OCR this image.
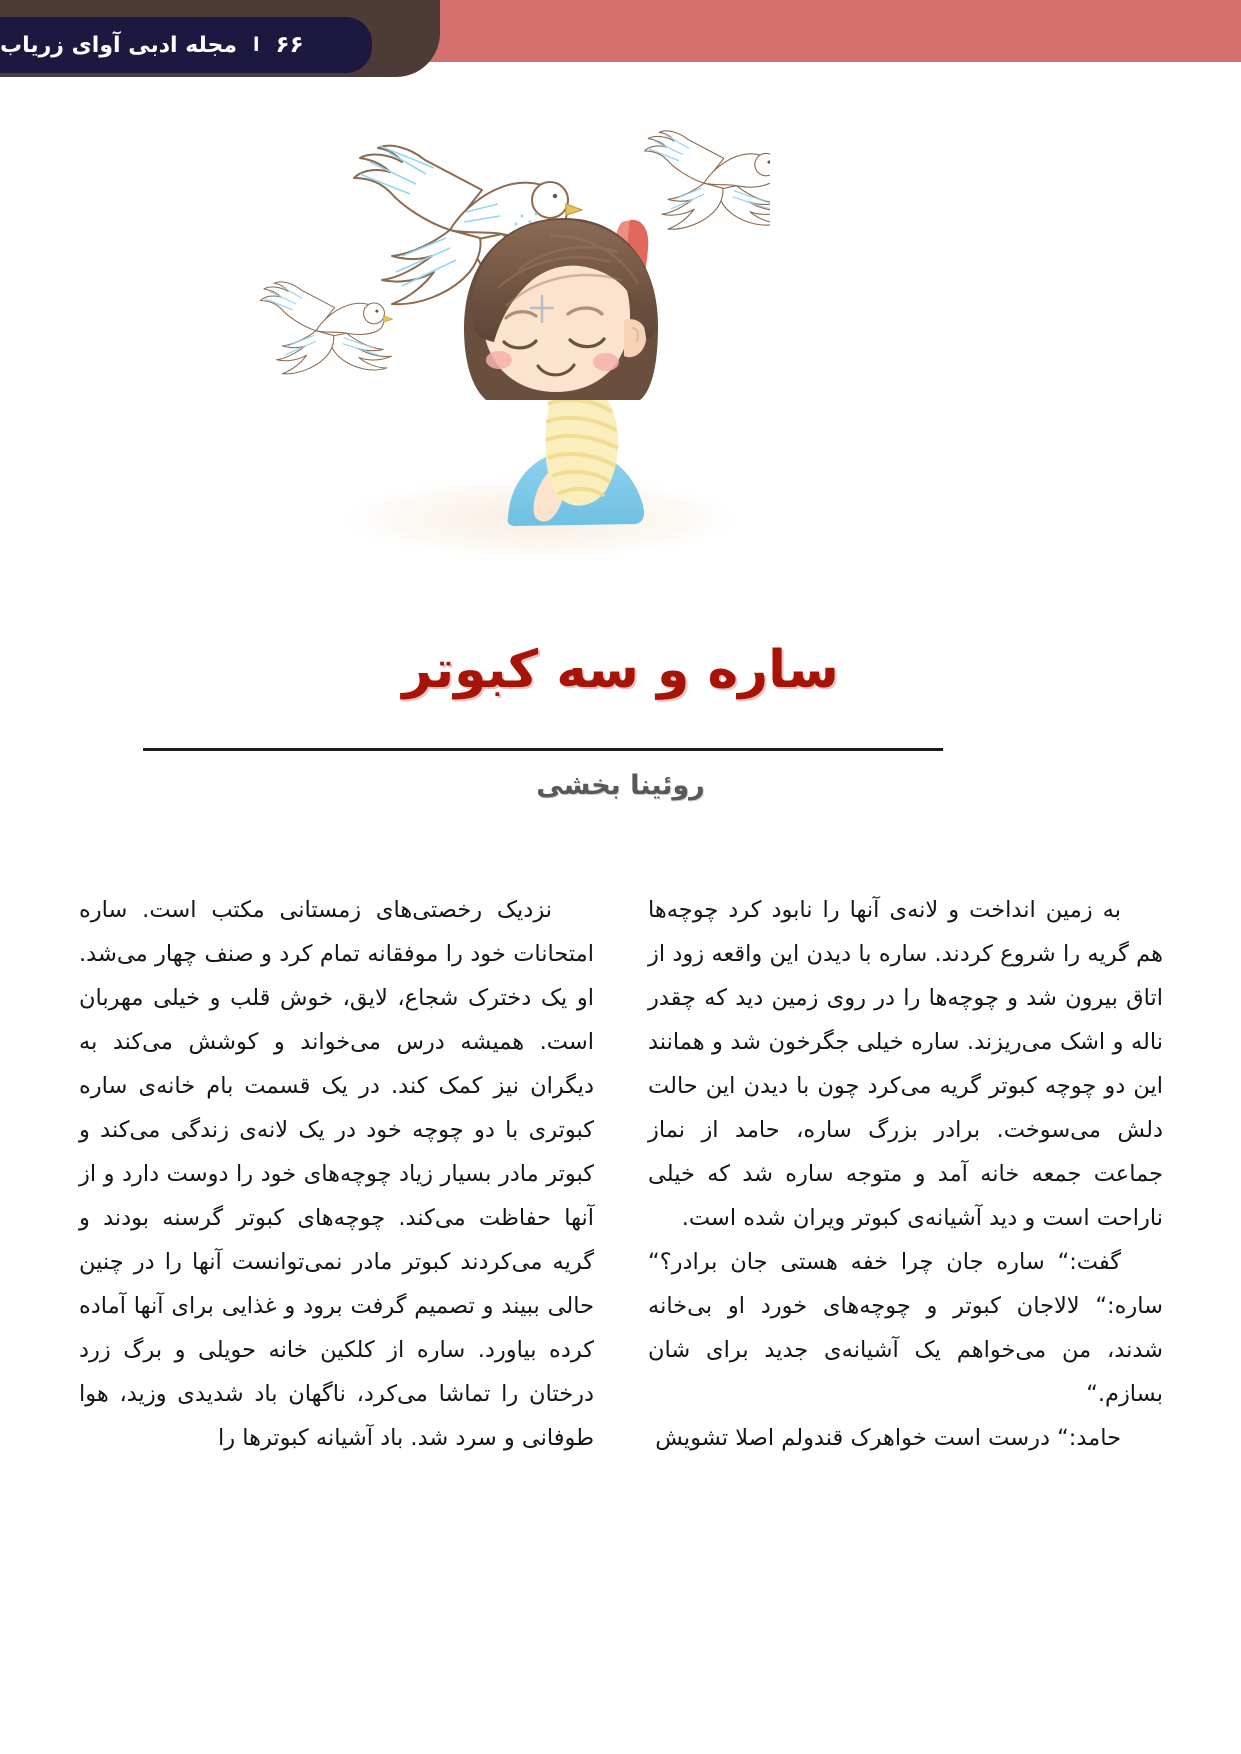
مجله ادبی آوای زریاب ا ۶۶
ساره و سه کبوتر
روئینا بخشی

به زمین انداخت و لانه‌ی آنها را نابود کرد چوچه‌ها هم گریه را شروع کردند. ساره با دیدن این واقعه زود از اتاق بیرون شد و چوچه‌ها را در روی زمین دید که چقدر ناله و اشک می‌ریزند. ساره خیلی جگرخون شد و همانند این دو چوچه کبوتر گریه می‌کرد چون با دیدن این حالت دلش می‌سوخت. برادر بزرگ ساره، حامد از نماز جماعت جمعه خانه آمد و متوجه ساره شد که خیلی ناراحت است و دید آشیانه‌ی کبوتر ویران شده است.

گفت:“ ساره جان چرا خفه هستی جان برادر؟“ ساره:“ لالاجان کبوتر و چوچه‌های خورد او بی‌خانه شدند، من می‌خواهم یک آشیانه‌ی جدید برای شان بسازم.“

حامد:“ درست است خواهرک قندولم اصلا تشویش

نزدیک رخصتی‌های زمستانی مکتب است. ساره امتحانات خود را موفقانه تمام کرد و صنف چهار می‌شد. او یک دخترک شجاع، لایق، خوش قلب و خیلی مهربان است. همیشه درس می‌خواند و کوشش می‌کند به دیگران نیز کمک کند. در یک قسمت بام خانه‌ی ساره کبوتری با دو چوچه خود در یک لانه‌ی زندگی می‌کند و کبوتر مادر بسیار زیاد چوچه‌های خود را دوست دارد و از آنها حفاظت می‌کند. چوچه‌های کبوتر گرسنه بودند و گریه می‌کردند کبوتر مادر نمی‌توانست آنها را در چنین حالی ببیند و تصمیم گرفت برود و غذایی برای آنها آماده کرده بیاورد. ساره از کلکین خانه حویلی و برگ زرد درختان را تماشا می‌کرد، ناگهان باد شدیدی وزید، هوا طوفانی و سرد شد. باد آشیانه کبوترها را
